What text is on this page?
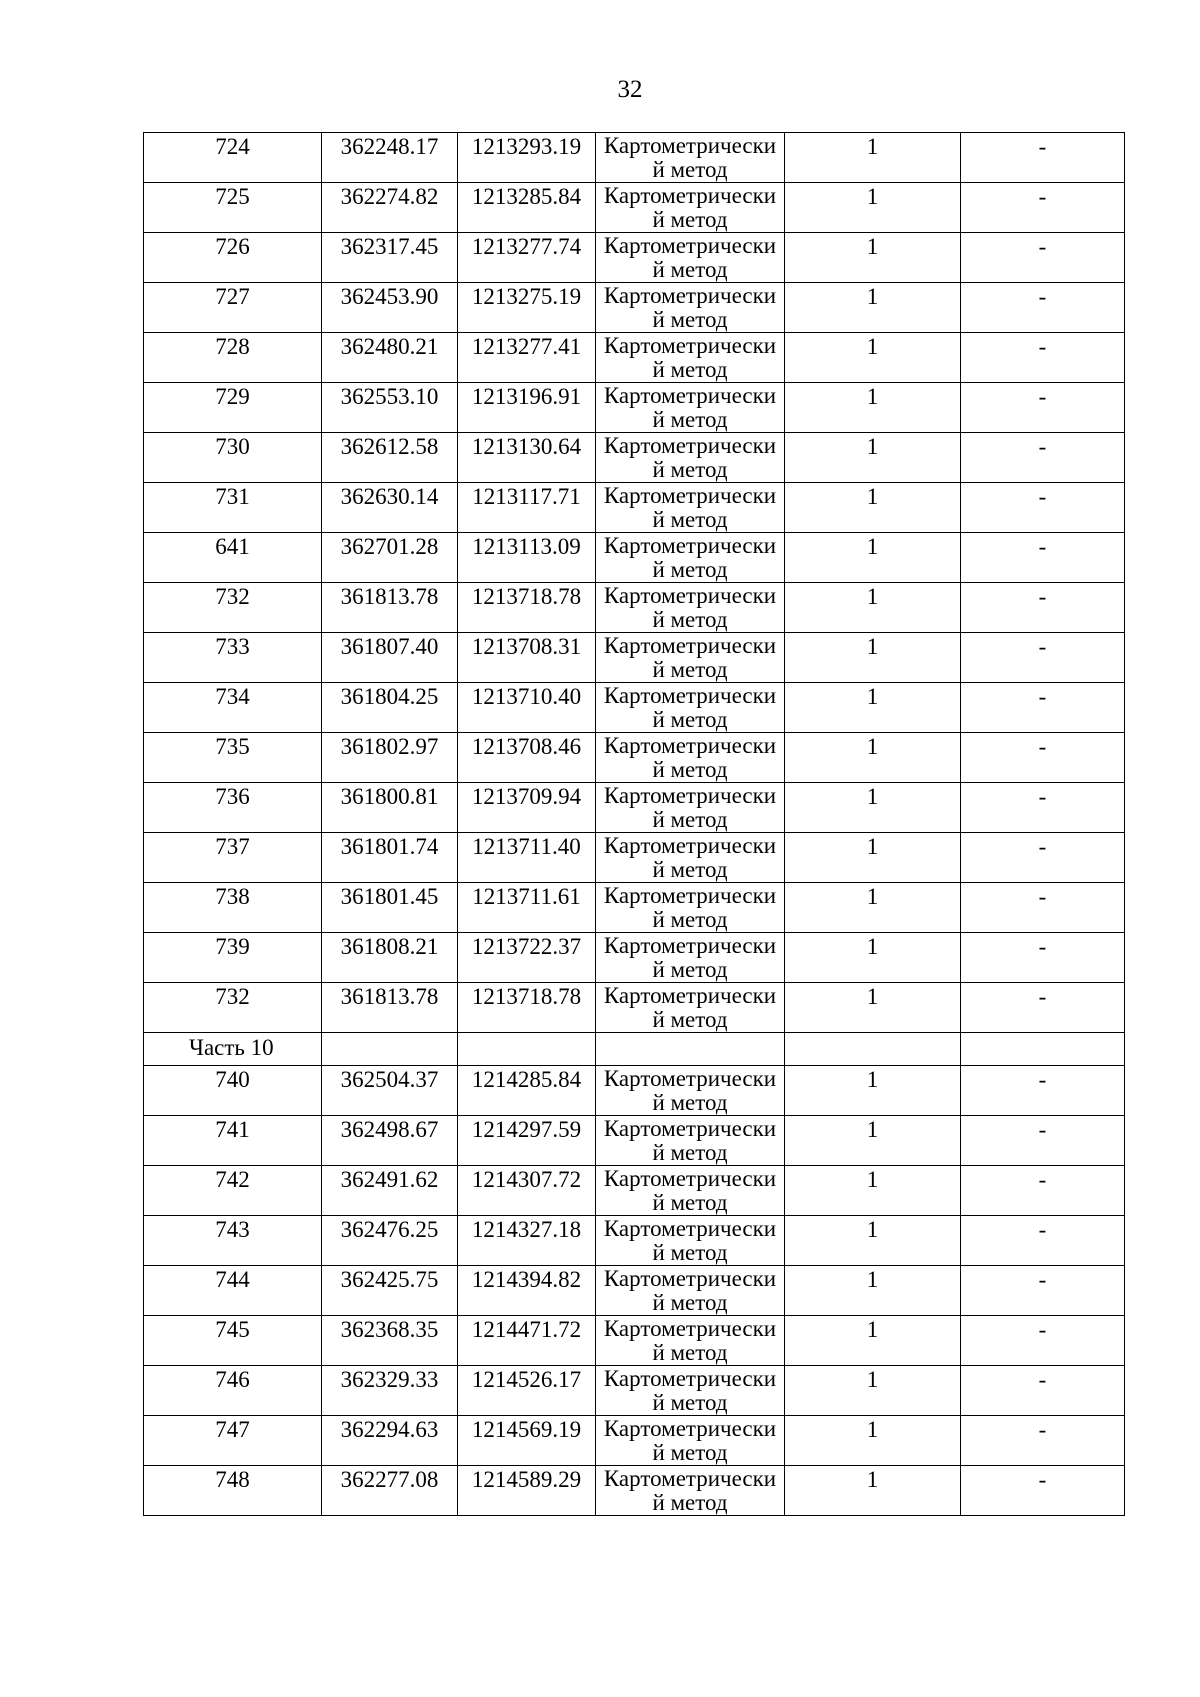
32
724	362248.17	1213293.19	Картометрически й метод	1	-

725	362274.82	1213285.84	Картометрически й метод	1	-

726	362317.45	1213277.74	Картометрически й метод	1	-

727	362453.90	1213275.19	Картометрически й метод	1	-

728	362480.21	1213277.41	Картометрически й метод	1	-

729	362553.10	1213196.91	Картометрически й метод	1	-

730	362612.58	1213130.64	Картометрически й метод	1	-

731	362630.14	1213117.71	Картометрически й метод	1	-

641	362701.28	1213113.09	Картометрически й метод	1	-

732	361813.78	1213718.78	Картометрически й метод	1	-

733	361807.40	1213708.31	Картометрически й метод	1	-

734	361804.25	1213710.40	Картометрически й метод	1	-

735	361802.97	1213708.46	Картометрически й метод	1	-

736	361800.81	1213709.94	Картометрически й метод	1	-

737	361801.74	1213711.40	Картометрически й метод	1	-

738	361801.45	1213711.61	Картометрически й метод	1	-

739	361808.21	1213722.37	Картометрически й метод	1	-

732	361813.78	1213718.78	Картометрически й метод	1	-

Часть 10					

740	362504.37	1214285.84	Картометрически й метод	1	-

741	362498.67	1214297.59	Картометрически й метод	1	-

742	362491.62	1214307.72	Картометрически й метод	1	-

743	362476.25	1214327.18	Картометрически й метод	1	-

744	362425.75	1214394.82	Картометрически й метод	1	-

745	362368.35	1214471.72	Картометрически й метод	1	-

746	362329.33	1214526.17	Картометрически й метод	1	-

747	362294.63	1214569.19	Картометрически й метод	1	-

748	362277.08	1214589.29	Картометрически й метод	1	-
